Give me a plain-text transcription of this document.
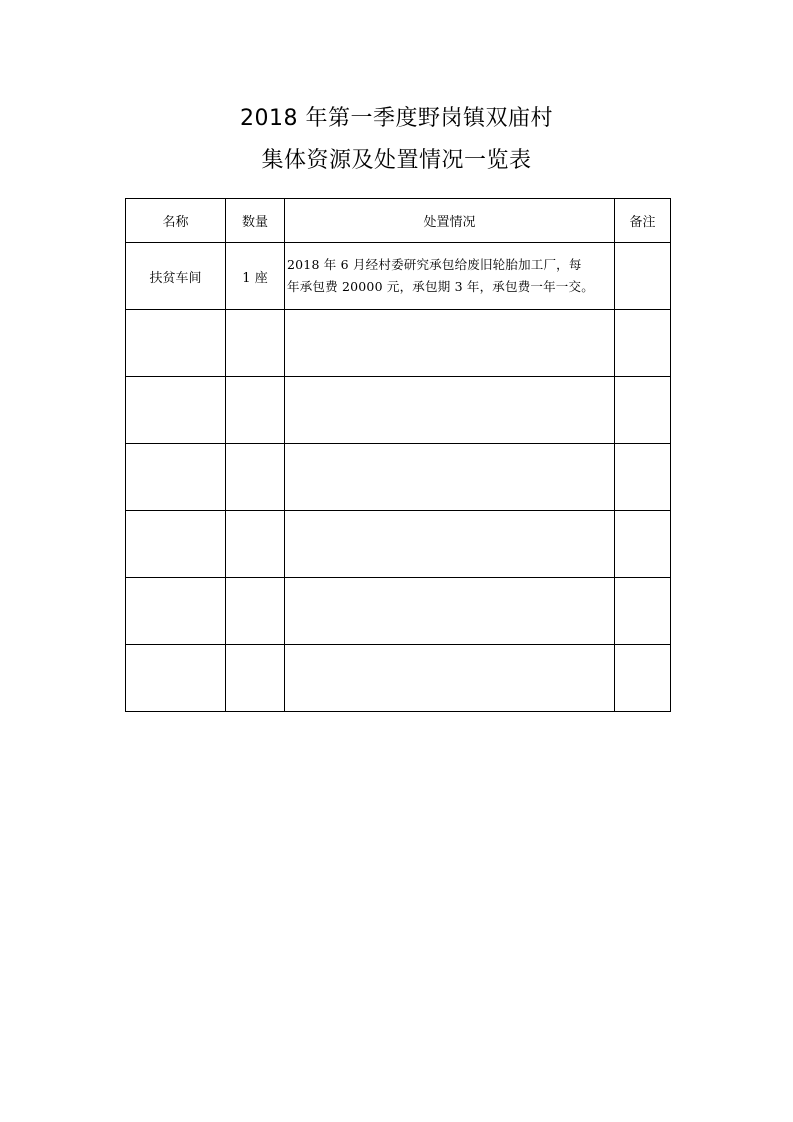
2018 年第一季度野岗镇双庙村
集体资源及处置情况一览表
名称	数量	处置情况	备注
扶贫车间	1 座	2018 年 6 月经村委研究承包给废旧轮胎加工厂，每
年承包费 20000 元，承包期 3 年，承包费一年一交。	
